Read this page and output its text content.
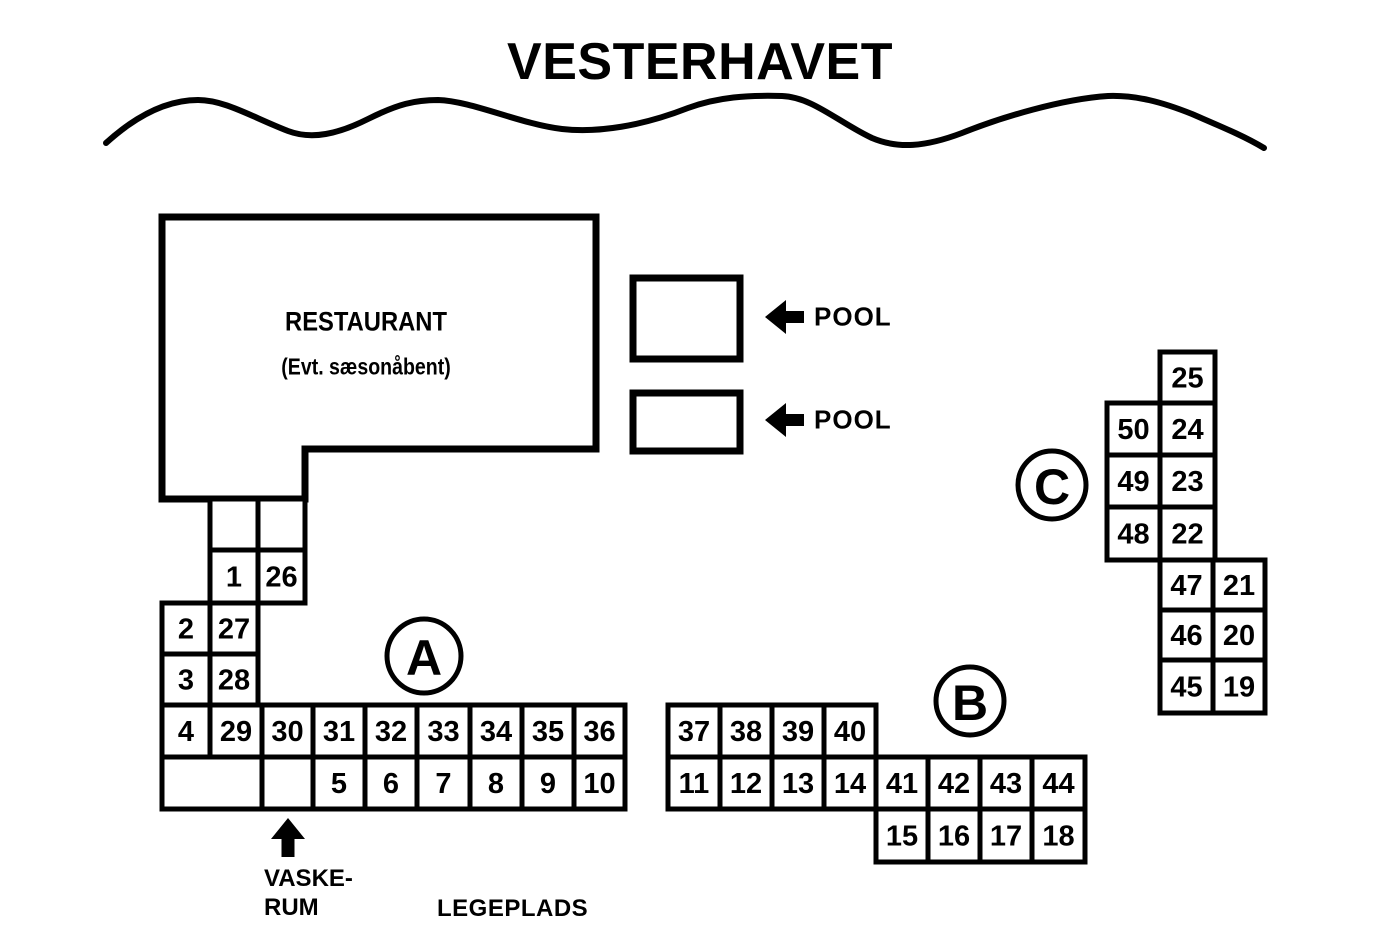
1 26
2 27
3 28
4 29 30 31 32 33 34 35 36
5 6 7 8 9 10
37 38 39 40
11 12 13 14 41 42 43 44
15 16 17 18
25
50 24
49 23
48 22
47 21
46 20
45 19
A
B
C
VESTERHAVET
RESTAURANT
(Evt. sæsonåbent)
POOL
POOL
VASKE-
RUM	LEGEPLADS
